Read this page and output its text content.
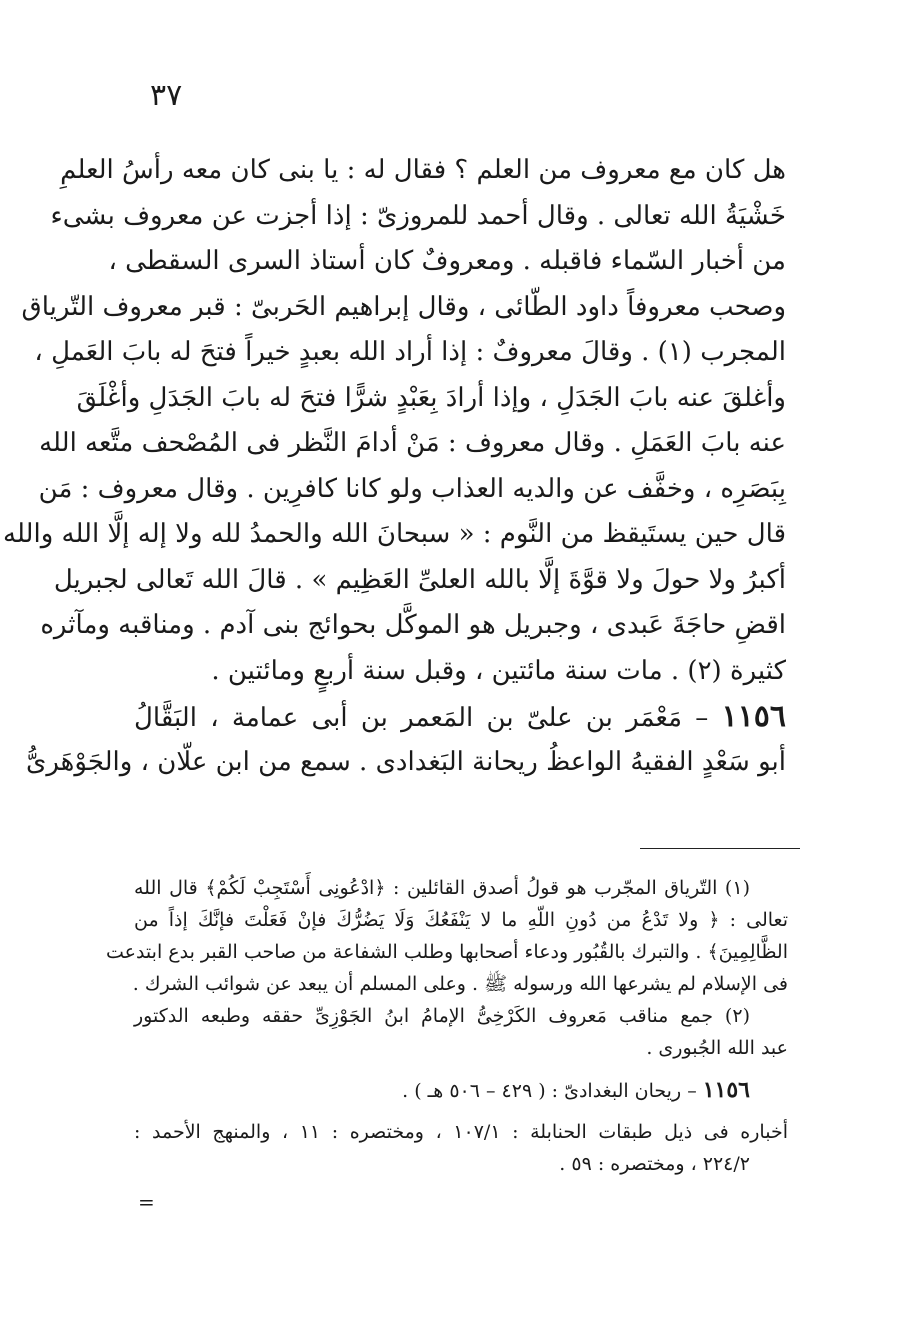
٣٧
هل كان مع معروف من العلم ؟ فقال له : يا بنى كان معه رأسُ العلمِ
خَشْيَةُ الله تعالى . وقال أحمد للمروزىّ : إذا أجزت عن معروف بشىء
من أخبار السّماء فاقبله . ومعروفٌ كان أستاذ السرى السقطى ،
وصحب معروفاً داود الطّائى ، وقال إبراهيم الحَربىّ : قبر معروف التّرياق
المجرب (١) . وقالَ معروفٌ : إذا أراد الله بعبدٍ خيراً فتحَ له بابَ العَملِ ،
وأغلقَ عنه بابَ الجَدَلِ ، وإذا أرادَ بِعَبْدٍ شرًّا فتحَ له بابَ الجَدَلِ وأغْلَقَ
عنه بابَ العَمَلِ . وقال معروف : مَنْ أدامَ النَّظر فى المُصْحف متَّعه الله
بِبَصَرِه ، وخفَّف عن والديه العذاب ولو كانا كافرِين . وقال معروف : مَن
قال حين يستَيقظ من النَّوم : « سبحانَ الله والحمدُ لله ولا إله إلَّا الله والله
أكبرُ ولا حولَ ولا قوَّةَ إلَّا بالله العلىِّ العَظِيم » . قالَ الله تَعالى لجبريل
اقضِ حاجَةَ عَبدى ، وجبريل هو الموكَّل بحوائج بنى آدم . ومناقبه ومآثره
كثيرة (٢) . مات سنة مائتين ، وقبل سنة أربعٍ ومائتين .
١١٥٦ – مَعْمَر بن علىّ بن المَعمر بن أبى عمامة ، البَقَّالُ
أبو سَعْدٍ الفقيهُ الواعظُ ريحانة البَغدادى . سمع من ابن علّان ، والجَوْهَرىُّ
(١) التّرياق المجّرب هو قولُ أصدق القائلين : ﴿ادْعُونِى أَسْتَجِبْ لَكُمْ﴾ قال الله
تعالى : ﴿ ولا تَدْعُ من دُونِ اللّهِ ما لا يَنْفَعُكَ وَلَا يَضُرُّكَ فإنْ فَعَلْتَ فإنَّكَ إذاً من
الظَّالِمِينَ﴾ . والتبرك بالقُبُور ودعاء أصحابها وطلب الشفاعة من صاحب القبر بدع ابتدعت
فى الإسلام لم يشرعها الله ورسوله ﷺ . وعلى المسلم أن يبعد عن شوائب الشرك .
(٢) جمع مناقب مَعروف الكَرْخِىُّ الإمامُ ابنُ الجَوْزِىِّ حققه وطبعه الدكتور
عبد الله الجُبورى .
١١٥٦ – ريحان البغدادىّ : ( ٤٢٩ – ٥٠٦ هـ ) .
أخباره فى ذيل طبقات الحنابلة : ١٠٧/١ ، ومختصره : ١١ ، والمنهج الأحمد :
٢٢٤/٢ ، ومختصره : ٥٩ .
=
